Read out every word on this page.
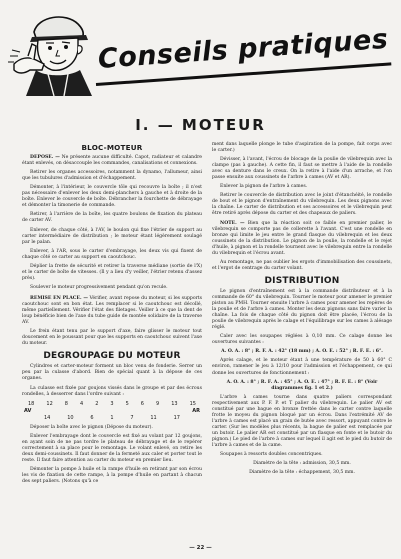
Conseils pratiques
I. — MOTEUR
BLOC-MOTEUR

DEPOSE. — Ne présente aucune difficulté. Capot, radiateur et calandre étant enlevés, on désaccouple les commandes, canalisations et connexions.

Retirer les organes accessoires, notamment la dynamo, l'allumeur, ainsi que les tubulures d'admission et d'échappement.

Démonter, à l'intérieur, le couvercle tôle qui recouvre la boîte ; il n'est pas nécessaire d'enlever les deux demi-planchers à gauche et à droite de la boîte. Enlever le couvercle de boîte. Débrancher la fourchette de débrayage et démonter la timonerie de commande.

Retirer, à l'arrière de la boîte, les quatre boulons de fixation du plateau de carter AV.

Enlever, de chaque côté, à l'AV, le boulon qui fixe l'étrier de support au carter intermédiaire de distribution ; le moteur étant légèrement soulagé par le palan.

Enlever, à l'AR, sous le carter d'embrayage, les deux vis qui fixent de chaque côté ce carter au support en caoutchouc.

Déplier la frette de sécurité et retirer la traverse médiane (sortie de l'X) et le carter de boîte de vitesses. (Il y a lieu d'y veiller, l'étrier retenu d'assez près).

Soulever le moteur progressivement pendant qu'on recule.

REMISE EN PLACE. — Vérifier, avant repose du moteur, si les supports caoutchouc sont en bon état. Les remplacer si le caoutchouc est décollé, même partiellement. Vérifier l'état des filetages. Veiller à ce que la dent de loup bénéficie bien de l'axe du tube guide de montée solidaire de la traverse AV.

Le frein étant tenu par le support d'axe, faire glisser le moteur tout doucement en le poussant pour que les supports en caoutchouc suivent l'axe du moteur.

DEGROUPAGE DU MOTEUR

Cylindres et carter-moteur forment un bloc venu de fonderie. Serrer un peu par la culasse d'abord. Bien de spécial quant à la dépose de ces organes.

La culasse est fixée par goujons vissés dans le groupe et par des écrous rondelles, à desserrer dans l'ordre suivant :

18 12 8 4 2 3 5 6 9 13 15
AV	AR
14	10	6	1	7	11	17

Déposer la boîte avec le pignon (Dépose du moteur).

Enlever l'embrayage dont le couvercle est fixé au volant par 12 goujons, en ayant soin de ne pas tordre le plateau de débrayage et de le repérer correctement à sa place pour le remontage. Le volant enlevé, on retire les deux demi-coussinets. Il faut donner de la fermeté aux caler et porter tout le reste. Il faut faire attention au carter du moteur en premier lieu.

Démonter la pompe à huile et la rampe d'huile en retirant par son écrou les vis de fixation de cette rampe, à la pompe d'huile en partant à chacun des sept paliers. (Notons qu'à ce

ment dans laquelle plonge le tube d'aspiration de la pompe, fait corps avec le carter.)

Dévisser, à l'avant, l'écrou de blocage de la poulie de vilebrequin avec la clampe (pas à gauche). A cette fin, il faut se mettre à l'aide de la rondelle avec sa denture dans le creux. On la retire à l'aide d'un arrache, et l'on passe ensuite aux coussinets de l'arbre à cames (AV et AR).

Enlever la pignon de l'arbre à cames.

Retirer le couvercle de distribution avec le joint d'étanchéité, le rondelle de bout et le pignon d'entraînement du vilebrequin. Les deux pignons avec la chaîne. Le carter de distribution et ses accessoires et le vilebrequin peut être retiré après dépose du carter et des chapeaux de paliers.

NOTE. — Bien que la réaction soit ce faible en premier palier, le vilebrequin se comporte pas de collerette à l'avant. C'est une rondelle en bronze qui limite le jeu entre le grand flasque du vilebrequin et les deux coussinets de la distribution. Le pignon de la poulie, la rondelle et le rejet d'huile, à pignon et la rondelle tournent avec le vilebrequin entre la rondelle du vilebrequin et l'écrou avant.

Au remontage, ne pas oublier les ergots d'immobilisation des coussinets, et l'ergot de centrage du carter volant.

DISTRIBUTION

Le pignon d'entraînement est à la commande distributeur et à la commande de 60° du vilebrequin. Tourner le moteur pour amener le premier piston au PMH. Tourner ensuite l'arbre à cames pour amener les repères de la poulie et de l'arbre à cames. Monter les deux pignons sans faire varier la chaîne. La fois de chaque côté du pignon doit être placée, l'écrou de la poulie de vilebrequin après le calage et l'équilibrage sur les cames à alésage réglé.

Caler avec les soupapes réglées à 0,10 mm. Ce calage donne les ouvertures suivantes :

A. O. A. : 8° ; R. F. A. : 42° (18 mm) ; A. O. E. : 52° ; R. F. E. : 6°.

Après calage, et le moteur étant à une température de 50 à 60° C environ, ramener le jeu à 12/10 pour l'admission et l'échappement, ce qui donne les ouvertures de fonctionnement :

A. O. A. : 8° ; R. F. A. : 45° ; A. O. E. : 47° ; R. F. E. : 8° (Voir diagrammes fig. 1 et 2.)

L'arbre à cames tourne dans quatre paliers correspondant respectivement aux P. F. P. et T palier du vilebrequin. Le palier AV est constitué par une bague en bronze frettée dans le carter contre laquelle frotte le moyeu du pignon bloqué par un écrou. Dans l'extrémité AV de l'arbre à cames est placé un grain de butée avec ressort, appuyant contre le carter. (Sur les modèles plus récents, la bague de palier est remplacée par un butoir. Le palier AR est constitué par un flasque en fonte et le butoir du pignon.) Le pied de l'arbre à cames sur lequel il agit est le pied du butoir de l'arbre à cames et de la came.

Soupapes à ressorts doubles concentriques.

Diamètre de la tête : admission, 30,5 mm.

Diamètre de la tête : échappement, 30,5 mm.

— 22 —
